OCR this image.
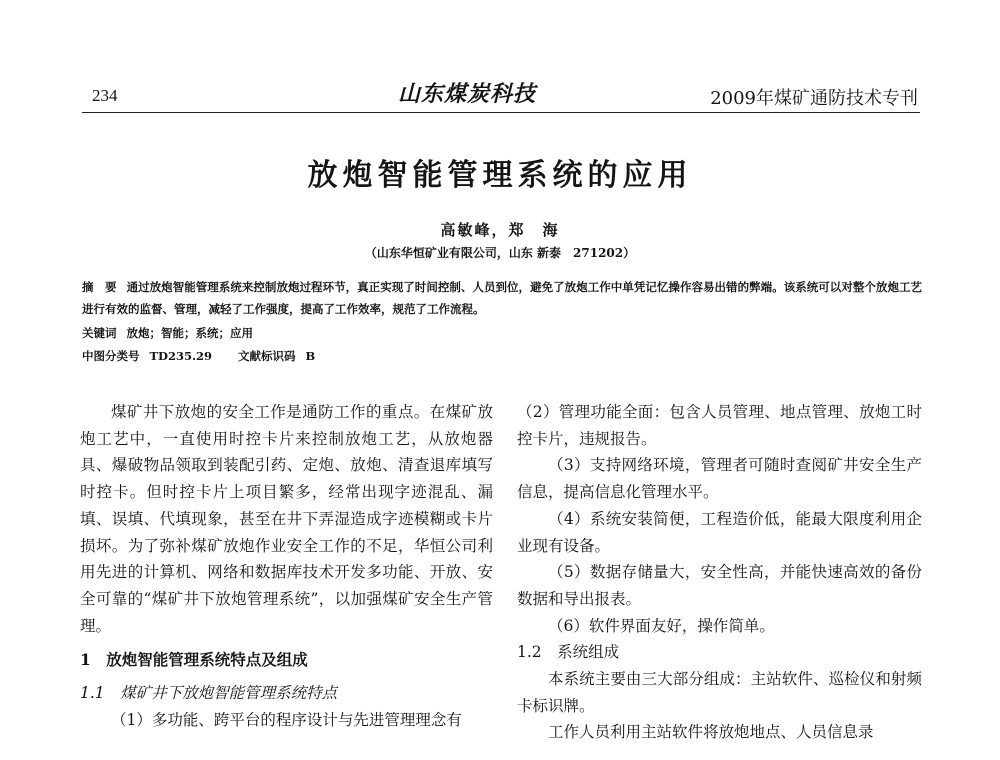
234	山东煤炭科技	2009年煤矿通防技术专刊
放炮智能管理系统的应用
高敏峰，郑　海
（山东华恒矿业有限公司，山东 新泰　271202）
摘　要 通过放炮智能管理系统来控制放炮过程环节，真正实现了时间控制、人员到位，避免了放炮工作中单凭记忆操作容易出错的弊端。该系统可以对整个放炮工艺进行有效的监督、管理，减轻了工作强度，提高了工作效率，规范了工作流程。
关键词 放炮；智能；系统；应用
中图分类号 TD235.29 文献标识码 B

煤矿井下放炮的安全工作是通防工作的重点。在煤矿放炮工艺中，一直使用时控卡片来控制放炮工艺，从放炮器具、爆破物品领取到装配引药、定炮、放炮、清查退库填写时控卡。但时控卡片上项目繁多，经常出现字迹混乱、漏填、误填、代填现象，甚至在井下弄湿造成字迹模糊或卡片损坏。为了弥补煤矿放炮作业安全工作的不足，华恒公司利用先进的计算机、网络和数据库技术开发多功能、开放、安全可靠的“煤矿井下放炮管理系统”，以加强煤矿安全生产管理。

1　放炮智能管理系统特点及组成

1.1　煤矿井下放炮智能管理系统特点

（1）多功能、跨平台的程序设计与先进管理理念有

（2）管理功能全面：包含人员管理、地点管理、放炮工时控卡片，违规报告。

（3）支持网络环境，管理者可随时查阅矿井安全生产信息，提高信息化管理水平。

（4）系统安装简便，工程造价低，能最大限度利用企业现有设备。

（5）数据存储量大，安全性高，并能快速高效的备份数据和导出报表。

（6）软件界面友好，操作简单。

1.2　系统组成

本系统主要由三大部分组成：主站软件、巡检仪和射频卡标识牌。

工作人员利用主站软件将放炮地点、人员信息录
